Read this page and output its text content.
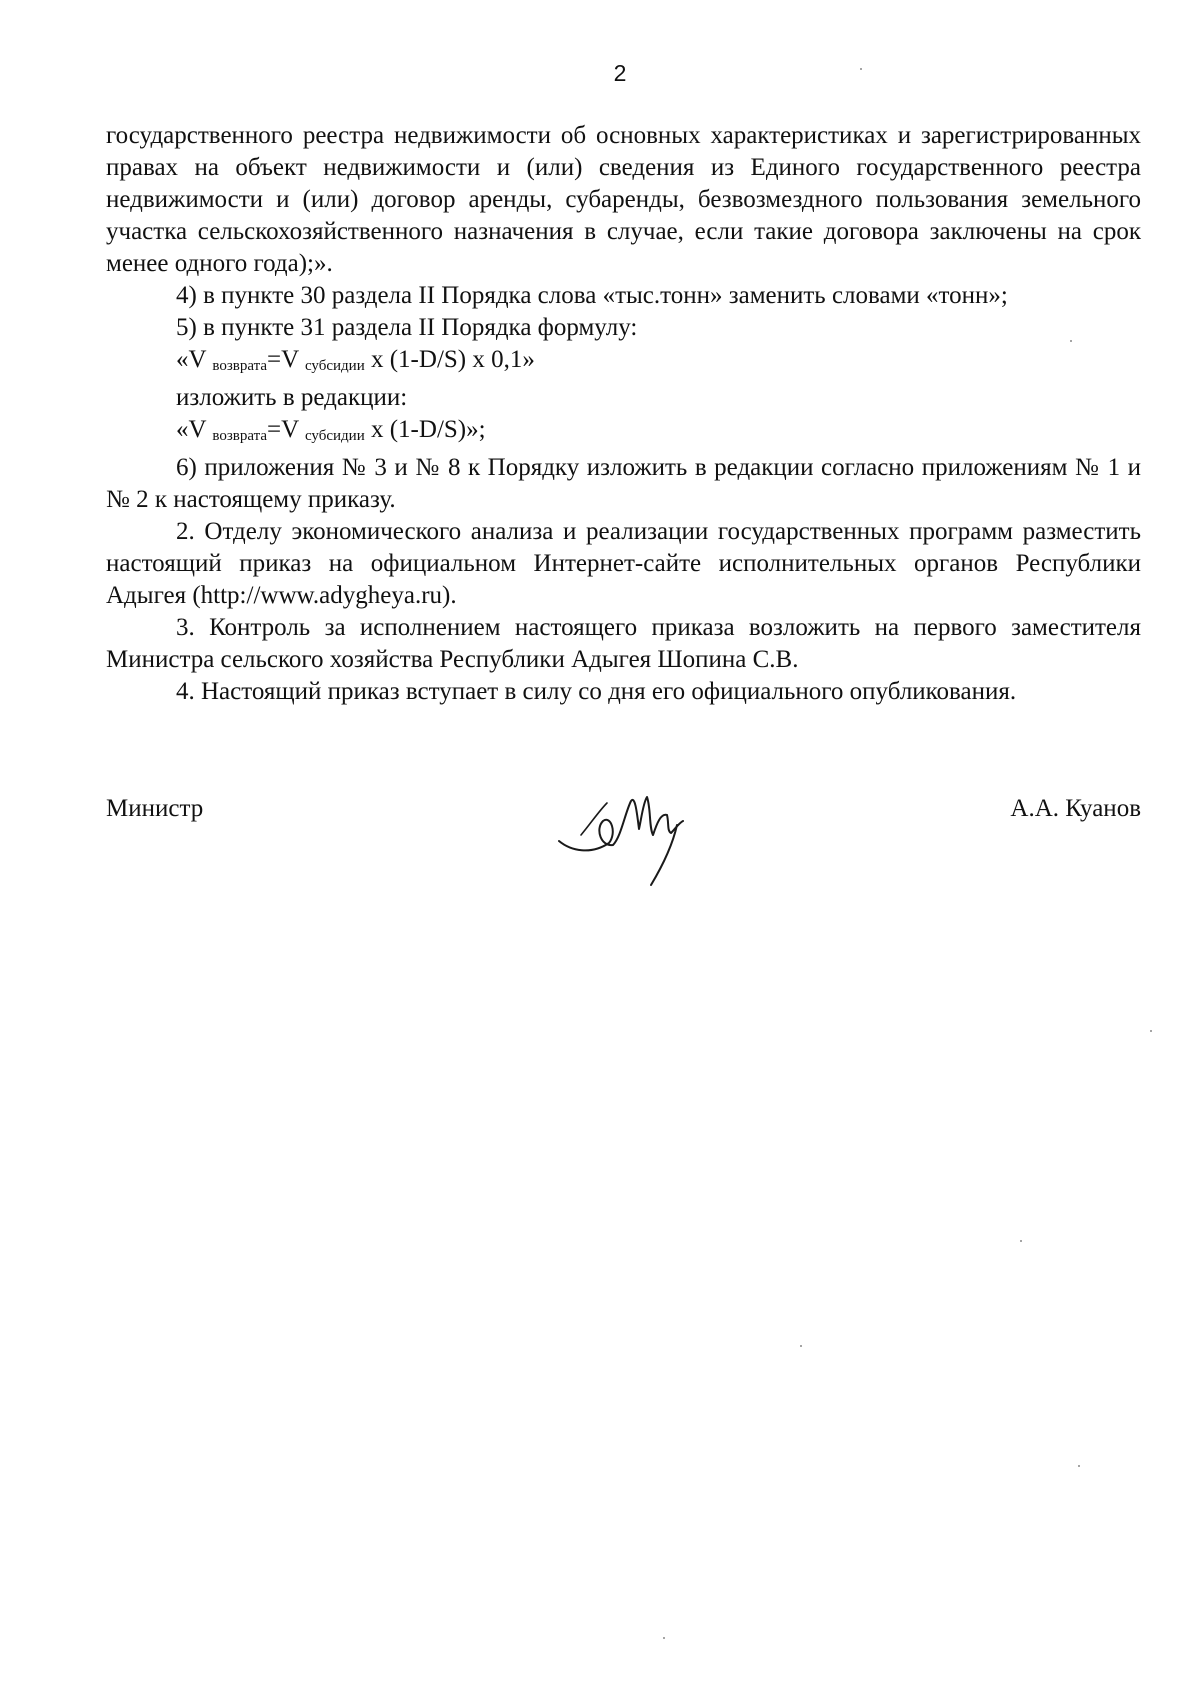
2

государственного реестра недвижимости об основных характеристиках и зарегистрированных правах на объект недвижимости и (или) сведения из Единого государственного реестра недвижимости и (или) договор аренды, субаренды, безвозмездного пользования земельного участка сельскохозяйственного назначения в случае, если такие договора заключены на срок менее одного года);».

4) в пункте 30 раздела II Порядка слова «тыс.тонн» заменить словами «тонн»;

5) в пункте 31 раздела II Порядка формулу:

«V $_{возврата}$=V $_{субсидии}$ х (1-D/S) х 0,1»

изложить в редакции:

«V $_{возврата}$=V $_{субсидии}$ х (1-D/S)»;

6) приложения № 3 и № 8 к Порядку изложить в редакции согласно приложениям № 1 и № 2 к настоящему приказу.

2. Отделу экономического анализа и реализации государственных программ разместить настоящий приказ на официальном Интернет-сайте исполнительных органов Республики Адыгея (http://www.adygheya.ru).

3. Контроль за исполнением настоящего приказа возложить на первого заместителя Министра сельского хозяйства Республики Адыгея Шопина С.В.

4. Настоящий приказ вступает в силу со дня его официального опубликования.

Министр	А.А. Куанов
